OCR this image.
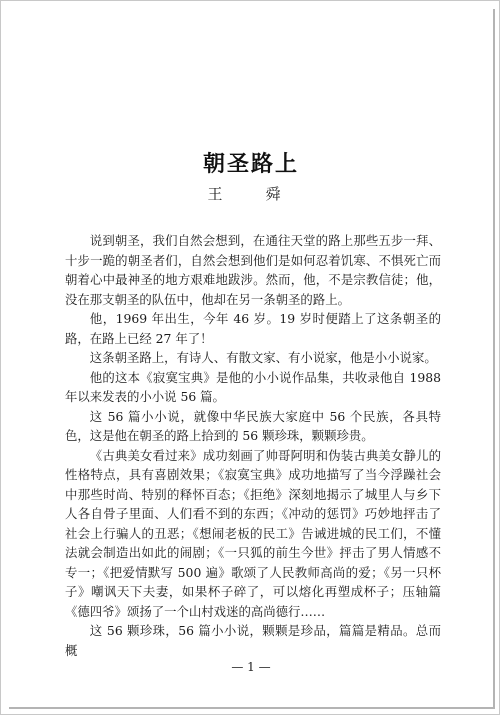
朝圣路上
王　舜

说到朝圣，我们自然会想到，在通往天堂的路上那些五步一拜、十步一跪的朝圣者们，自然会想到他们是如何忍着饥寒、不惧死亡而朝着心中最神圣的地方艰难地跋涉。然而，他，不是宗教信徒；他，没在那支朝圣的队伍中，他却在另一条朝圣的路上。

他，1969 年出生，今年 46 岁。19 岁时便踏上了这条朝圣的路，在路上已经 27 年了！

这条朝圣路上，有诗人、有散文家、有小说家，他是小小说家。

他的这本《寂寞宝典》是他的小小说作品集，共收录他自 1988 年以来发表的小小说 56 篇。

这 56 篇小小说，就像中华民族大家庭中 56 个民族，各具特色，这是他在朝圣的路上拾到的 56 颗珍珠，颗颗珍贵。

《古典美女看过来》成功刻画了帅哥阿明和伪装古典美女静儿的性格特点，具有喜剧效果；《寂寞宝典》成功地描写了当今浮躁社会中那些时尚、特别的释怀百态；《拒绝》深刻地揭示了城里人与乡下人各自骨子里面、人们看不到的东西；《冲动的惩罚》巧妙地抨击了社会上行骗人的丑恶；《想闹老板的民工》告诫进城的民工们，不懂法就会制造出如此的闹剧；《一只狐的前生今世》抨击了男人情感不专一；《把爱情默写 500 遍》歌颂了人民教师高尚的爱；《另一只杯子》嘲讽天下夫妻，如果杯子碎了，可以熔化再塑成杯子；压轴篇《德四爷》颂扬了一个山村戏迷的高尚德行……

这 56 颗珍珠，56 篇小小说，颗颗是珍品，篇篇是精品。总而概

— 1 —
